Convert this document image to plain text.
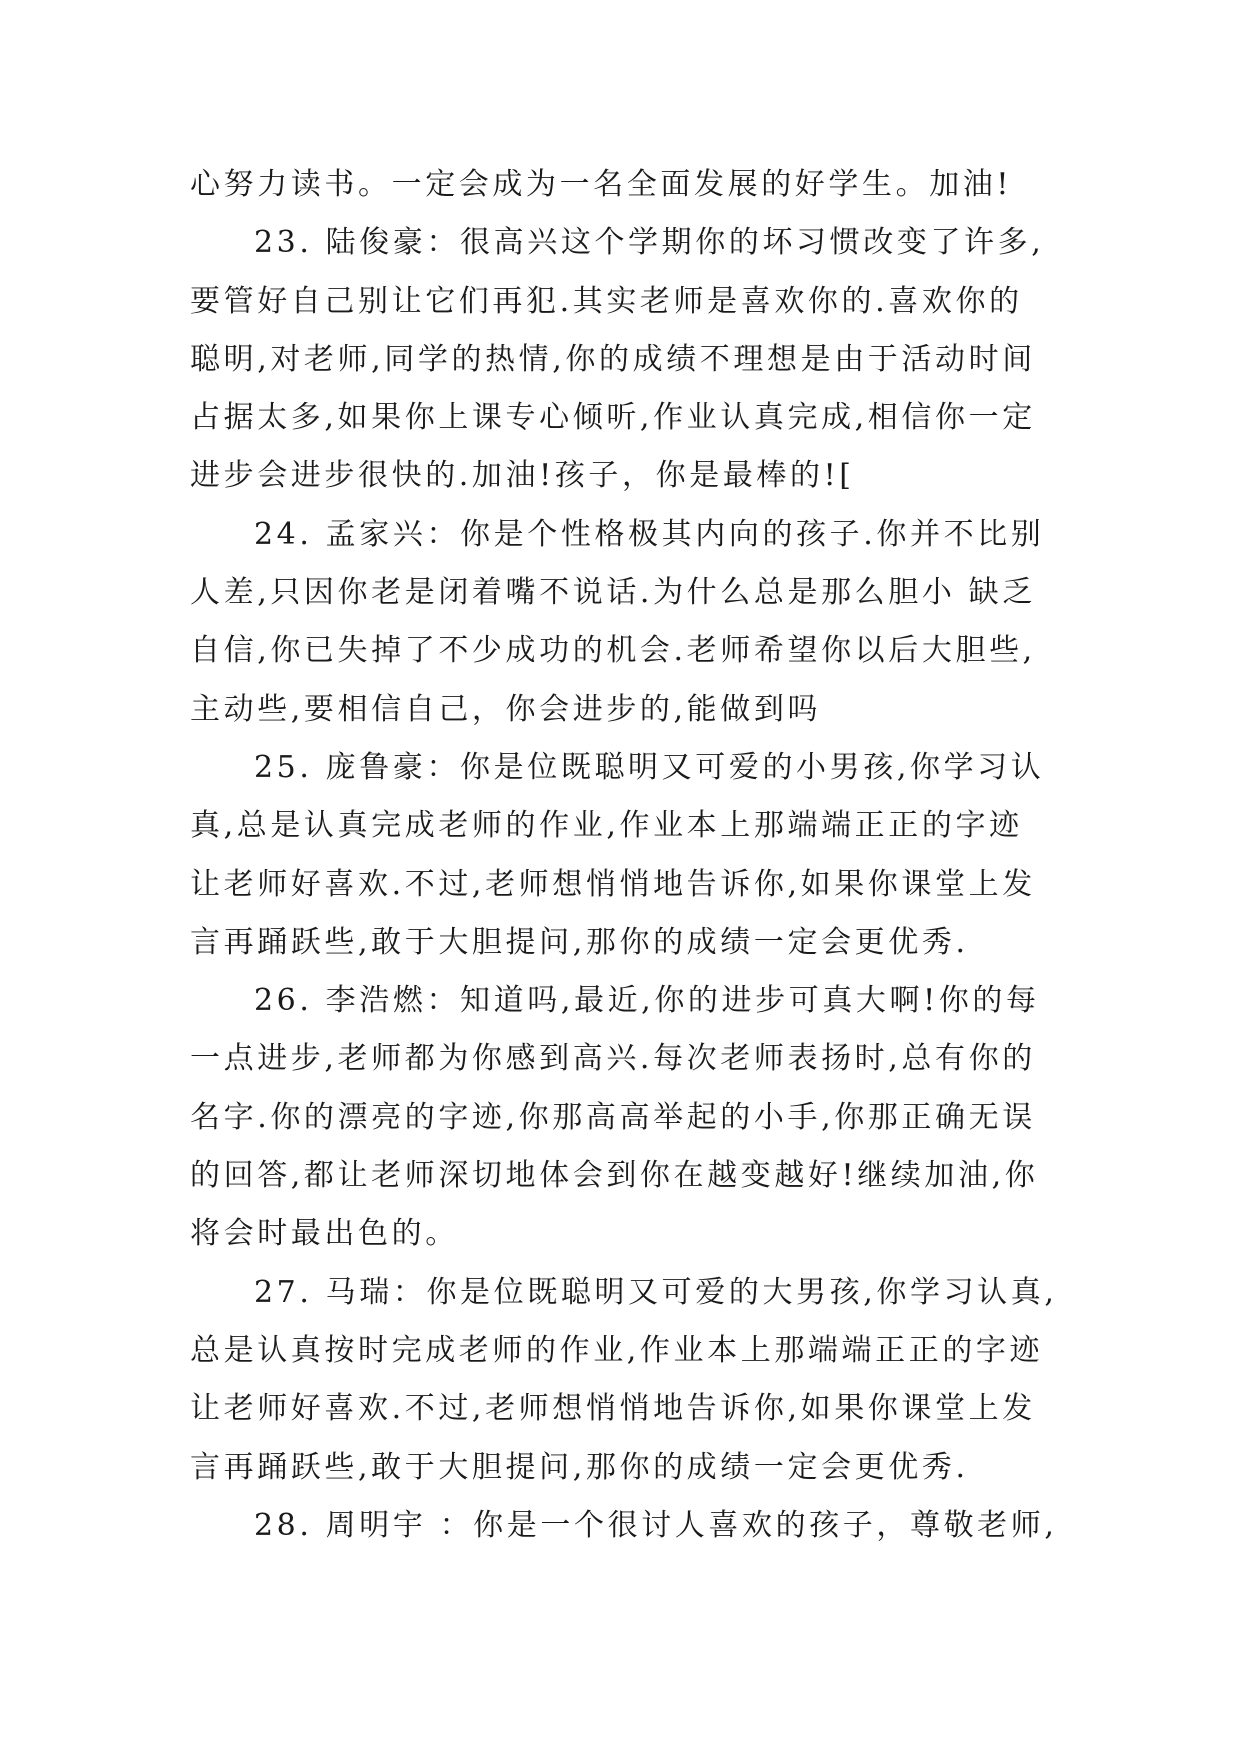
心努力读书。一定会成为一名全面发展的好学生。加油!
23. 陆俊豪：很高兴这个学期你的坏习惯改变了许多,
要管好自己别让它们再犯.其实老师是喜欢你的.喜欢你的
聪明,对老师,同学的热情,你的成绩不理想是由于活动时间
占据太多,如果你上课专心倾听,作业认真完成,相信你一定
进步会进步很快的.加油!孩子，你是最棒的![
24. 孟家兴：你是个性格极其内向的孩子.你并不比别
人差,只因你老是闭着嘴不说话.为什么总是那么胆小 缺乏
自信,你已失掉了不少成功的机会.老师希望你以后大胆些,
主动些,要相信自己，你会进步的,能做到吗
25. 庞鲁豪：你是位既聪明又可爱的小男孩,你学习认
真,总是认真完成老师的作业,作业本上那端端正正的字迹
让老师好喜欢.不过,老师想悄悄地告诉你,如果你课堂上发
言再踊跃些,敢于大胆提问,那你的成绩一定会更优秀.
26. 李浩燃：知道吗,最近,你的进步可真大啊!你的每
一点进步,老师都为你感到高兴.每次老师表扬时,总有你的
名字.你的漂亮的字迹,你那高高举起的小手,你那正确无误
的回答,都让老师深切地体会到你在越变越好!继续加油,你
将会时最出色的。
27. 马瑞：你是位既聪明又可爱的大男孩,你学习认真,
总是认真按时完成老师的作业,作业本上那端端正正的字迹
让老师好喜欢.不过,老师想悄悄地告诉你,如果你课堂上发
言再踊跃些,敢于大胆提问,那你的成绩一定会更优秀.
28. 周明宇 ：你是一个很讨人喜欢的孩子，尊敬老师,
